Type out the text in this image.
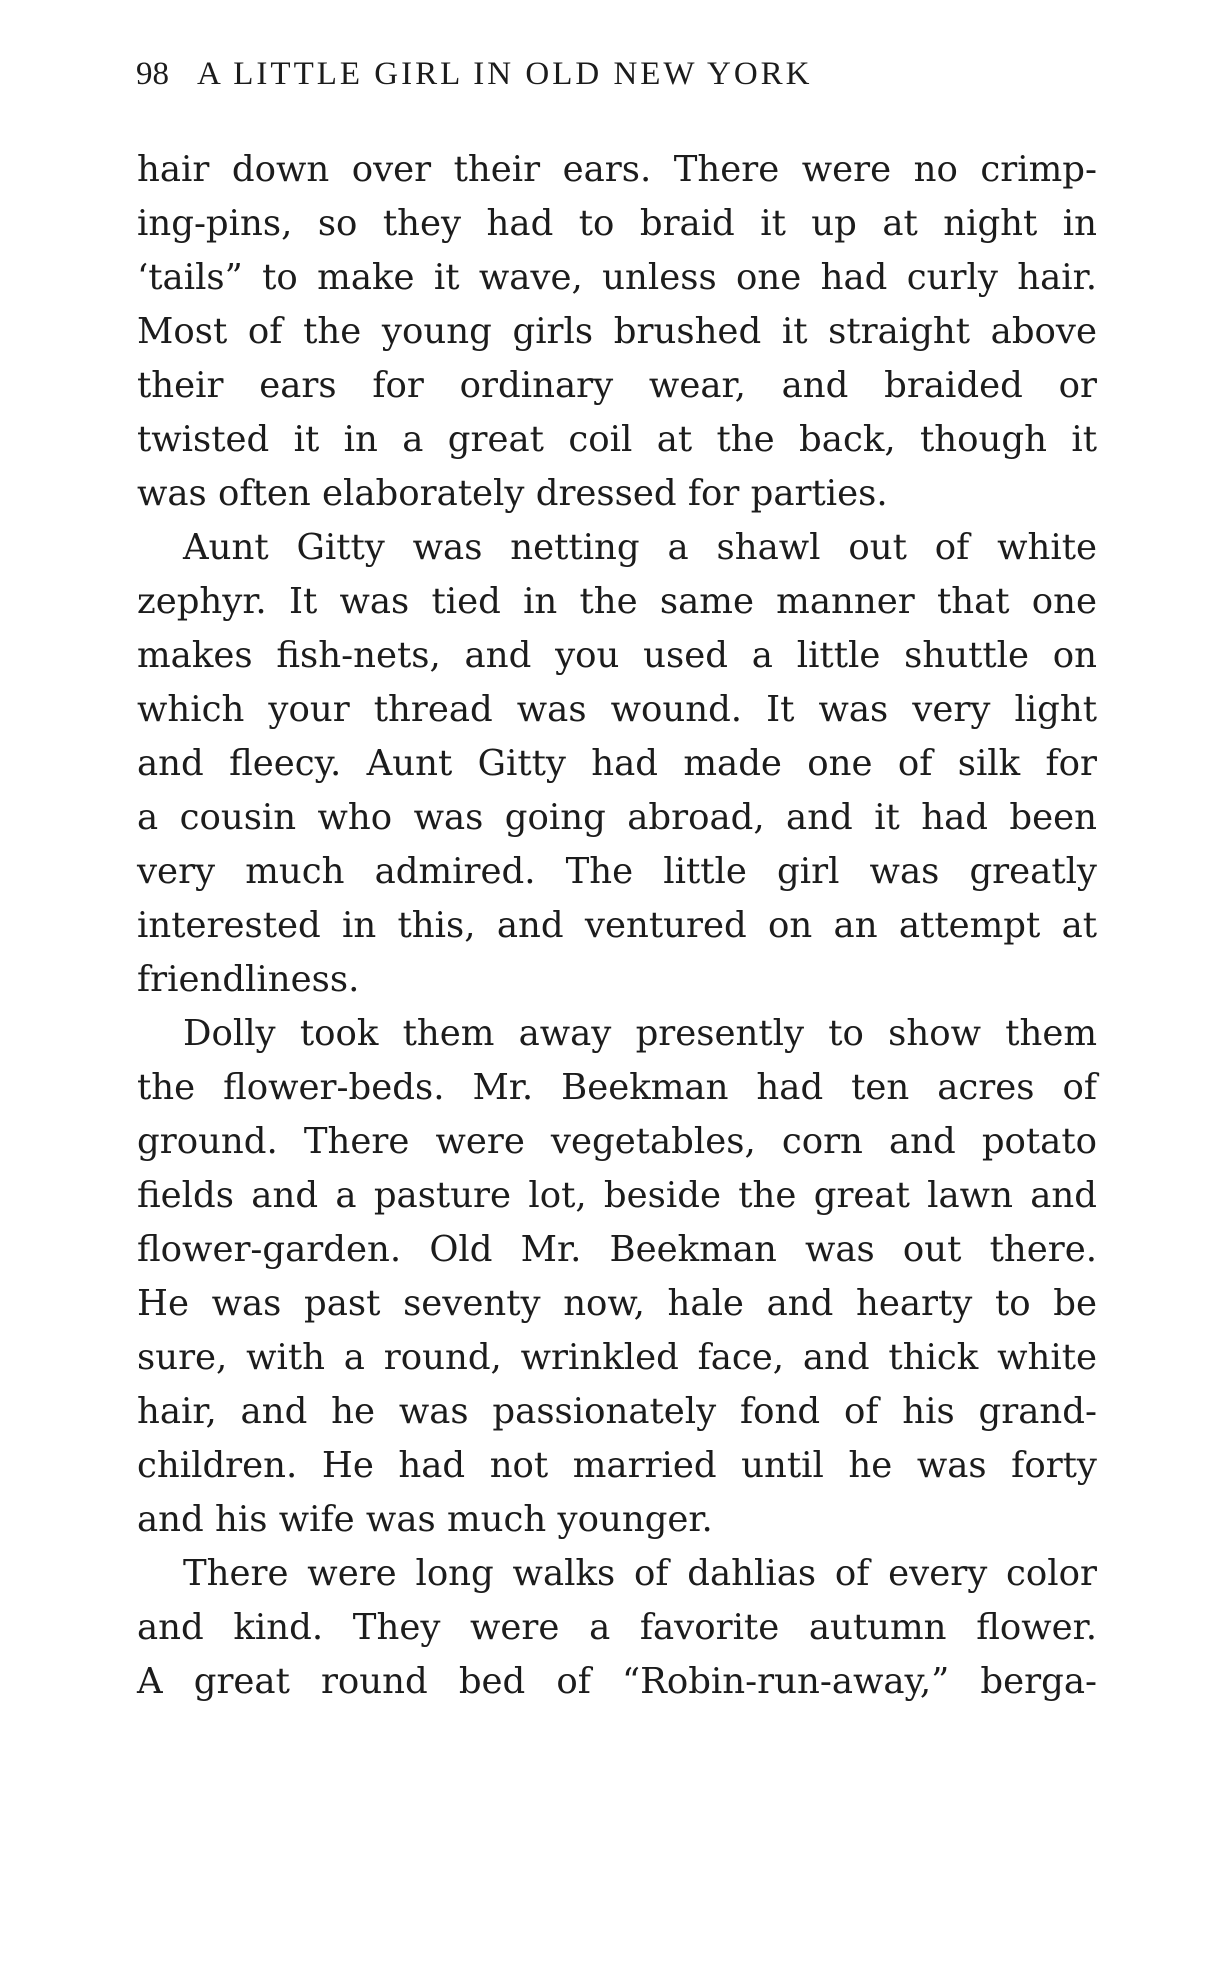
98 A LITTLE GIRL IN OLD NEW YORK
hair down over their ears. There were no crimp-
ing-pins, so they had to braid it up at night in
‘tails” to make it wave, unless one had curly hair.
Most of the young girls brushed it straight above
their ears for ordinary wear, and braided or
twisted it in a great coil at the back, though it
was often elaborately dressed for parties.
Aunt Gitty was netting a shawl out of white
zephyr. It was tied in the same manner that one
makes fish-nets, and you used a little shuttle on
which your thread was wound. It was very light
and fleecy. Aunt Gitty had made one of silk for
a cousin who was going abroad, and it had been
very much admired. The little girl was greatly
interested in this, and ventured on an attempt at
friendliness.
Dolly took them away presently to show them
the flower-beds. Mr. Beekman had ten acres of
ground. There were vegetables, corn and potato
fields and a pasture lot, beside the great lawn and
flower-garden. Old Mr. Beekman was out there.
He was past seventy now, hale and hearty to be
sure, with a round, wrinkled face, and thick white
hair, and he was passionately fond of his grand-
children. He had not married until he was forty
and his wife was much younger.
There were long walks of dahlias of every color
and kind. They were a favorite autumn flower.
A great round bed of “Robin-run-away,” berga-
